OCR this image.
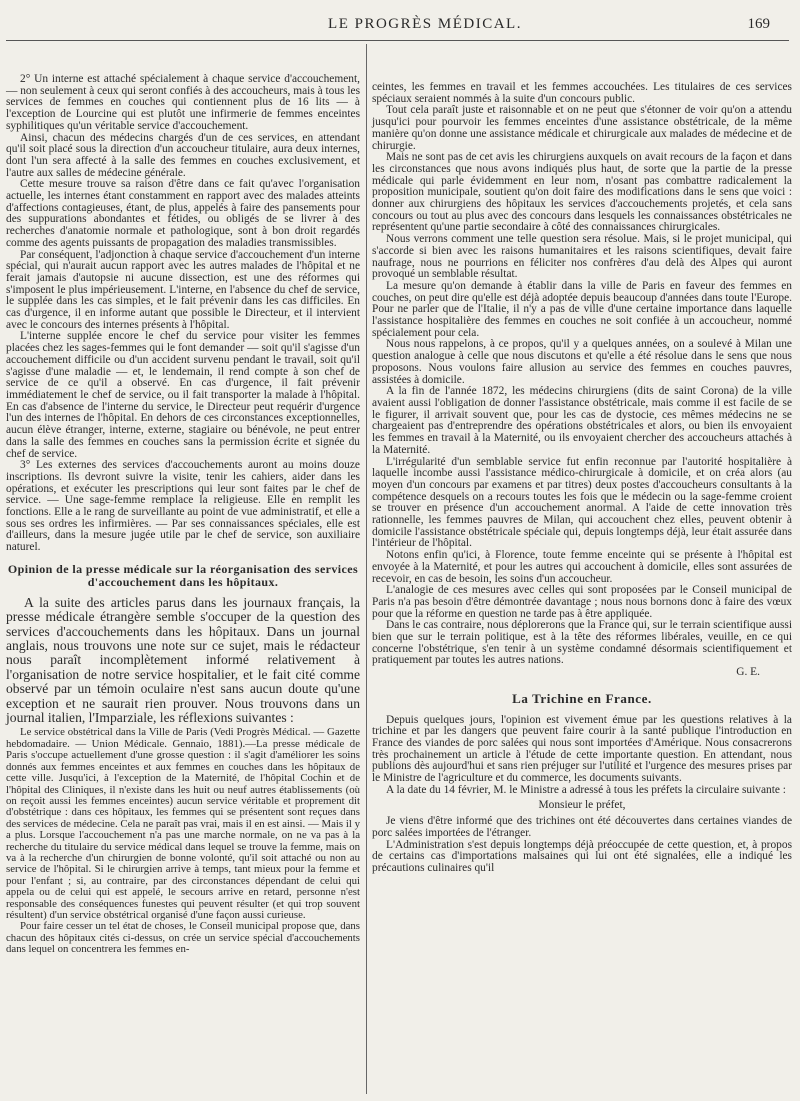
LE PROGRÈS MÉDICAL.	169

2° Un interne est attaché spécialement à chaque service d'accouchement, — non seulement à ceux qui seront confiés à des accoucheurs, mais à tous les services de femmes en couches qui contiennent plus de 16 lits — à l'exception de Lourcine qui est plutôt une infirmerie de femmes enceintes syphilitiques qu'un véritable service d'accouchement.

Ainsi, chacun des médecins chargés d'un de ces services, en attendant qu'il soit placé sous la direction d'un accoucheur titulaire, aura deux internes, dont l'un sera affecté à la salle des femmes en couches exclusivement, et l'autre aux salles de médecine générale.

Cette mesure trouve sa raison d'être dans ce fait qu'avec l'organisation actuelle, les internes étant constamment en rapport avec des malades atteints d'affections contagieuses, étant, de plus, appelés à faire des pansements pour des suppurations abondantes et fétides, ou obligés de se livrer à des recherches d'anatomie normale et pathologique, sont à bon droit regardés comme des agents puissants de propagation des maladies transmissibles.

Par conséquent, l'adjonction à chaque service d'accouchement d'un interne spécial, qui n'aurait aucun rapport avec les autres malades de l'hôpital et ne ferait jamais d'autopsie ni aucune dissection, est une des réformes qui s'imposent le plus impérieusement. L'interne, en l'absence du chef de service, le supplée dans les cas simples, et le fait prévenir dans les cas difficiles. En cas d'urgence, il en informe autant que possible le Directeur, et il intervient avec le concours des internes présents à l'hôpital.

L'interne supplée encore le chef du service pour visiter les femmes placées chez les sages-femmes qui le font demander — soit qu'il s'agisse d'un accouchement difficile ou d'un accident survenu pendant le travail, soit qu'il s'agisse d'une maladie — et, le lendemain, il rend compte à son chef de service de ce qu'il a observé. En cas d'urgence, il fait prévenir immédiatement le chef de service, ou il fait transporter la malade à l'hôpital. En cas d'absence de l'interne du service, le Directeur peut requérir d'urgence l'un des internes de l'hôpital. En dehors de ces circonstances exceptionnelles, aucun élève étranger, interne, externe, stagiaire ou bénévole, ne peut entrer dans la salle des femmes en couches sans la permission écrite et signée du chef de service.

3° Les externes des services d'accouchements auront au moins douze inscriptions. Ils devront suivre la visite, tenir les cahiers, aider dans les opérations, et exécuter les prescriptions qui leur sont faites par le chef de service. — Une sage-femme remplace la religieuse. Elle en remplit les fonctions. Elle a le rang de surveillante au point de vue administratif, et elle a sous ses ordres les infirmières. — Par ses connaissances spéciales, elle est d'ailleurs, dans la mesure jugée utile par le chef de service, son auxiliaire naturel.

Opinion de la presse médicale sur la réorganisation des services d'accouchement dans les hôpitaux.

A la suite des articles parus dans les journaux français, la presse médicale étrangère semble s'occuper de la question des services d'accouchements dans les hôpitaux. Dans un journal anglais, nous trouvons une note sur ce sujet, mais le rédacteur nous paraît incomplètement informé relativement à l'organisation de notre service hospitalier, et le fait cité comme observé par un témoin oculaire n'est sans aucun doute qu'une exception et ne saurait rien prouver. Nous trouvons dans un journal italien, l'Imparziale, les réflexions suivantes :

Le service obstétrical dans la Ville de Paris (Vedi Progrès Médical. — Gazette hebdomadaire. — Union Médicale. Gennaio, 1881).—La presse médicale de Paris s'occupe actuellement d'une grosse question : il s'agit d'améliorer les soins donnés aux femmes enceintes et aux femmes en couches dans les hôpitaux de cette ville. Jusqu'ici, à l'exception de la Maternité, de l'hôpital Cochin et de l'hôpital des Cliniques, il n'existe dans les huit ou neuf autres établissements (où on reçoit aussi les femmes enceintes) aucun service véritable et proprement dit d'obstétrique : dans ces hôpitaux, les femmes qui se présentent sont reçues dans des services de médecine. Cela ne paraît pas vrai, mais il en est ainsi. — Mais il y a plus. Lorsque l'accouchement n'a pas une marche normale, on ne va pas à la recherche du titulaire du service médical dans lequel se trouve la femme, mais on va à la recherche d'un chirurgien de bonne volonté, qu'il soit attaché ou non au service de l'hôpital. Si le chirurgien arrive à temps, tant mieux pour la femme et pour l'enfant ; si, au contraire, par des circonstances dépendant de celui qui appela ou de celui qui est appelé, le secours arrive en retard, personne n'est responsable des conséquences funestes qui peuvent résulter (et qui trop souvent résultent) d'un service obstétrical organisé d'une façon aussi curieuse.

Pour faire cesser un tel état de choses, le Conseil municipal propose que, dans chacun des hôpitaux cités ci-dessus, on crée un service spécial d'accouchements dans lequel on concentrera les femmes en-

ceintes, les femmes en travail et les femmes accouchées. Les titulaires de ces services spéciaux seraient nommés à la suite d'un concours public.

Tout cela paraît juste et raisonnable et on ne peut que s'étonner de voir qu'on a attendu jusqu'ici pour pourvoir les femmes enceintes d'une assistance obstétricale, de la même manière qu'on donne une assistance médicale et chirurgicale aux malades de médecine et de chirurgie.

Mais ne sont pas de cet avis les chirurgiens auxquels on avait recours de la façon et dans les circonstances que nous avons indiqués plus haut, de sorte que la partie de la presse médicale qui parle évidemment en leur nom, n'osant pas combattre radicalement la proposition municipale, soutient qu'on doit faire des modifications dans le sens que voici : donner aux chirurgiens des hôpitaux les services d'accouchements projetés, et cela sans concours ou tout au plus avec des concours dans lesquels les connaissances obstétricales ne représentent qu'une partie secondaire à côté des connaissances chirurgicales.

Nous verrons comment une telle question sera résolue. Mais, si le projet municipal, qui s'accorde si bien avec les raisons humanitaires et les raisons scientifiques, devait faire naufrage, nous ne pourrions en féliciter nos confrères d'au delà des Alpes qui auront provoqué un semblable résultat.

La mesure qu'on demande à établir dans la ville de Paris en faveur des femmes en couches, on peut dire qu'elle est déjà adoptée depuis beaucoup d'années dans toute l'Europe. Pour ne parler que de l'Italie, il n'y a pas de ville d'une certaine importance dans laquelle l'assistance hospitalière des femmes en couches ne soit confiée à un accoucheur, nommé spécialement pour cela.

Nous nous rappelons, à ce propos, qu'il y a quelques années, on a soulevé à Milan une question analogue à celle que nous discutons et qu'elle a été résolue dans le sens que nous proposons. Nous voulons faire allusion au service des femmes en couches pauvres, assistées à domicile.

A la fin de l'année 1872, les médecins chirurgiens (dits de saint Corona) de la ville avaient aussi l'obligation de donner l'assistance obstétricale, mais comme il est facile de se le figurer, il arrivait souvent que, pour les cas de dystocie, ces mêmes médecins ne se chargeaient pas d'entreprendre des opérations obstétricales et alors, ou bien ils envoyaient les femmes en travail à la Maternité, ou ils envoyaient chercher des accoucheurs attachés à la Maternité.

L'irrégularité d'un semblable service fut enfin reconnue par l'autorité hospitalière à laquelle incombe aussi l'assistance médico-chirurgicale à domicile, et on créa alors (au moyen d'un concours par examens et par titres) deux postes d'accoucheurs consultants à la compétence desquels on a recours toutes les fois que le médecin ou la sage-femme croient se trouver en présence d'un accouchement anormal. A l'aide de cette innovation très rationnelle, les femmes pauvres de Milan, qui accouchent chez elles, peuvent obtenir à domicile l'assistance obstétricale spéciale qui, depuis longtemps déjà, leur était assurée dans l'intérieur de l'hôpital.

Notons enfin qu'ici, à Florence, toute femme enceinte qui se présente à l'hôpital est envoyée à la Maternité, et pour les autres qui accouchent à domicile, elles sont assurées de recevoir, en cas de besoin, les soins d'un accoucheur.

L'analogie de ces mesures avec celles qui sont proposées par le Conseil municipal de Paris n'a pas besoin d'être démontrée davantage ; nous nous bornons donc à faire des vœux pour que la réforme en question ne tarde pas à être appliquée.

Dans le cas contraire, nous déplorerons que la France qui, sur le terrain scientifique aussi bien que sur le terrain politique, est à la tête des réformes libérales, veuille, en ce qui concerne l'obstétrique, s'en tenir à un système condamné désormais scientifiquement et pratiquement par toutes les autres nations.

G. E.
La Trichine en France.

Depuis quelques jours, l'opinion est vivement émue par les questions relatives à la trichine et par les dangers que peuvent faire courir à la santé publique l'introduction en France des viandes de porc salées qui nous sont importées d'Amérique. Nous consacrerons très prochainement un article à l'étude de cette importante question. En attendant, nous publions dès aujourd'hui et sans rien préjuger sur l'utilité et l'urgence des mesures prises par le Ministre de l'agriculture et du commerce, les documents suivants.

A la date du 14 février, M. le Ministre a adressé à tous les préfets la circulaire suivante :

Monsieur le préfet,

Je viens d'être informé que des trichines ont été découvertes dans certaines viandes de porc salées importées de l'étranger.

L'Administration s'est depuis longtemps déjà préoccupée de cette question, et, à propos de certains cas d'importations malsaines qui lui ont été signalées, elle a indiqué les précautions culinaires qu'il
